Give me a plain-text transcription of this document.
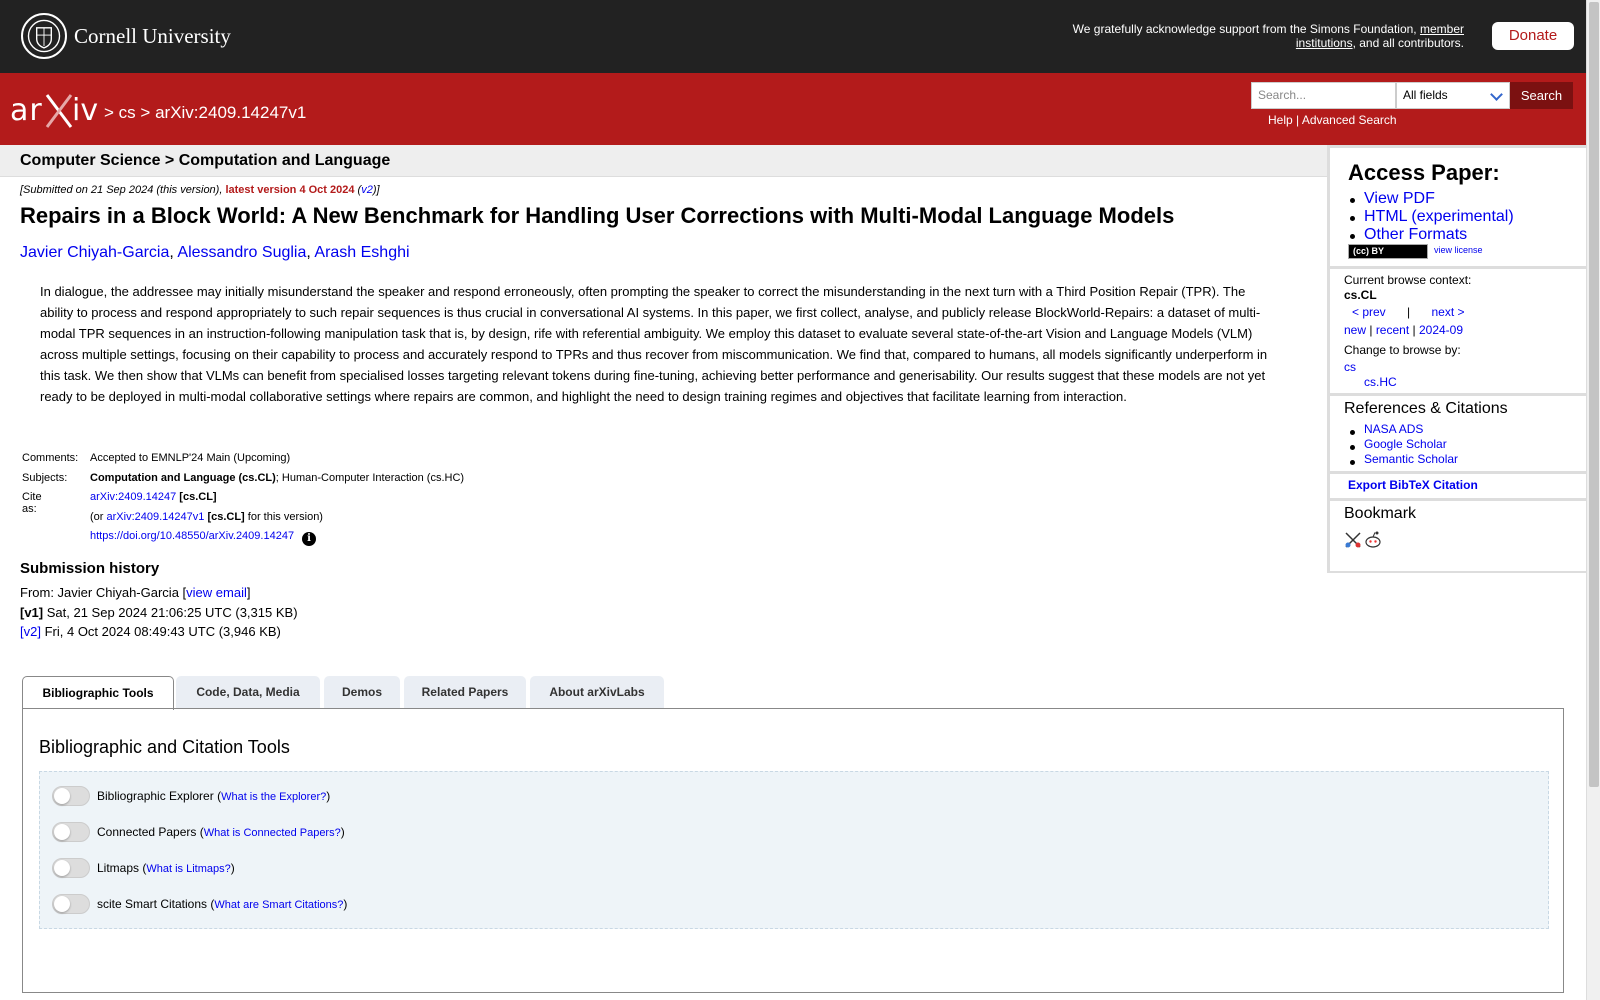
Cornell University	We gratefully acknowledge support from the Simons Foundation, member institutions, and all contributors.	Donate
ar iv > cs > arXiv:2409.14247v1
Search...	All fields	Search
Help | Advanced Search
Computer Science > Computation and Language
[Submitted on 21 Sep 2024 (this version), latest version 4 Oct 2024 (v2)]
Repairs in a Block World: A New Benchmark for Handling User Corrections with Multi-Modal Language Models
Javier Chiyah-Garcia, Alessandro Suglia, Arash Eshghi
In dialogue, the addressee may initially misunderstand the speaker and respond erroneously, often prompting the speaker to correct the misunderstanding in the next turn with a Third Position Repair (TPR). The ability to process and respond appropriately to such repair sequences is thus crucial in conversational AI systems. In this paper, we first collect, analyse, and publicly release BlockWorld-Repairs: a dataset of multi-modal TPR sequences in an instruction-following manipulation task that is, by design, rife with referential ambiguity. We employ this dataset to evaluate several state-of-the-art Vision and Language Models (VLM) across multiple settings, focusing on their capability to process and accurately respond to TPRs and thus recover from miscommunication. We find that, compared to humans, all models significantly underperform in this task. We then show that VLMs can benefit from specialised losses targeting relevant tokens during fine-tuning, achieving better performance and generisability. Our results suggest that these models are not yet ready to be deployed in multi-modal collaborative settings where repairs are common, and highlight the need to design training regimes and objectives that facilitate learning from interaction.
Comments: Accepted to EMNLP'24 Main (Upcoming)
Subjects: Computation and Language (cs.CL); Human-Computer Interaction (cs.HC)
Cite as:
arXiv:2409.14247 [cs.CL]
(or arXiv:2409.14247v1 [cs.CL] for this version)
https://doi.org/10.48550/arXiv.2409.14247 i
Submission history
From: Javier Chiyah-Garcia [view email]
[v1] Sat, 21 Sep 2024 21:06:25 UTC (3,315 KB)
[v2] Fri, 4 Oct 2024 08:49:43 UTC (3,946 KB)
Bibliographic Tools	Code, Data, Media	Demos	Related Papers	About arXivLabs
Bibliographic and Citation Tools
Bibliographic Explorer (What is the Explorer?)
Connected Papers (What is Connected Papers?)
Litmaps (What is Litmaps?)
scite Smart Citations (What are Smart Citations?)
Access Paper:
View PDF
HTML (experimental)
Other Formats
(cc) BY	view license
Current browse context:
cs.CL
< prev | next >
new | recent | 2024-09
Change to browse by:
cs
cs.HC
References & Citations
NASA ADS
Google Scholar
Semantic Scholar
Export BibTeX Citation
Bookmark
